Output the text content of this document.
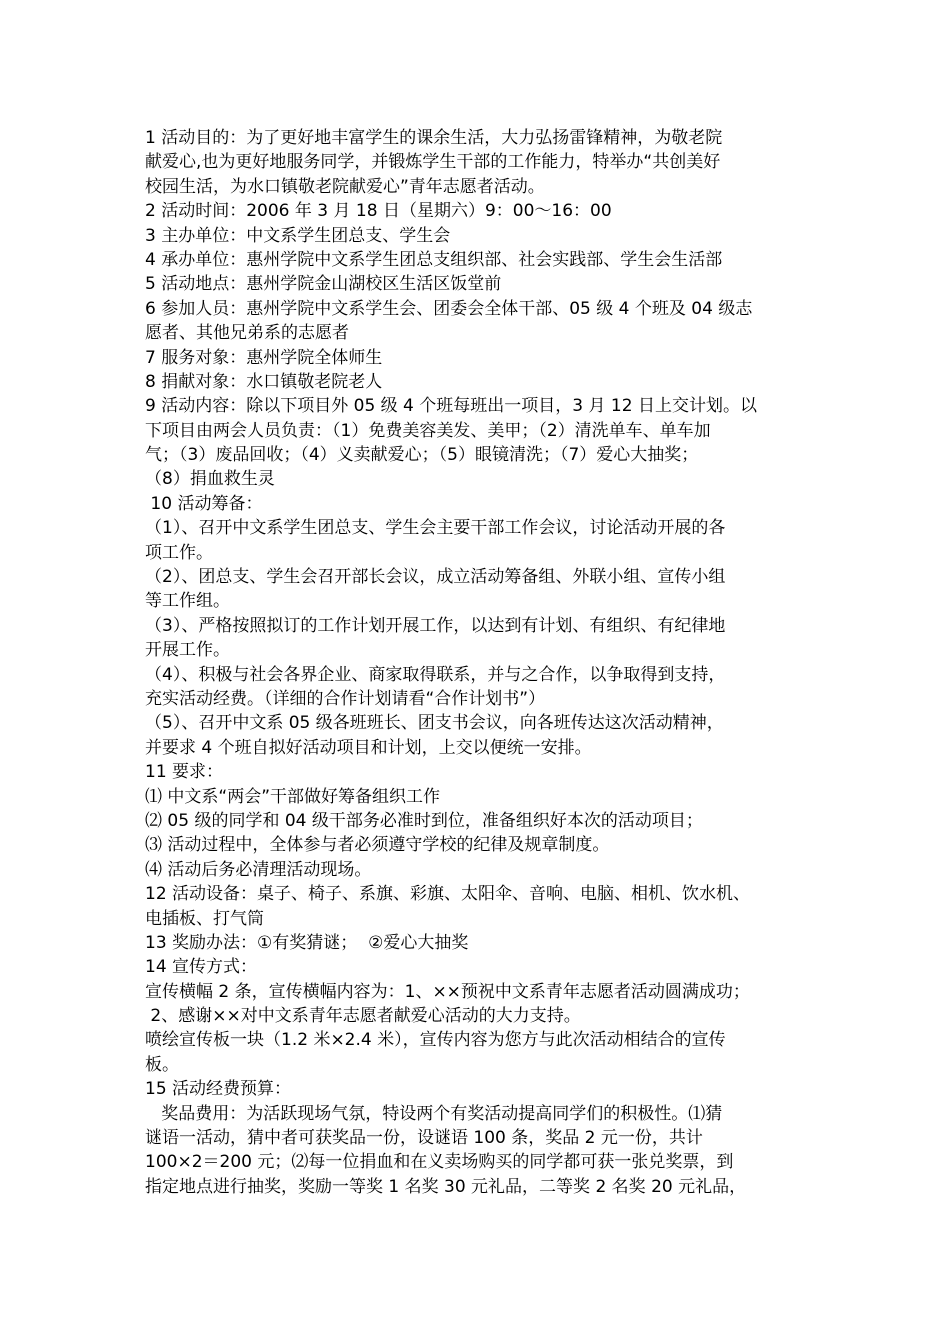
1 活动目的：为了更好地丰富学生的课余生活，大力弘扬雷锋精神，为敬老院
献爱心,也为更好地服务同学，并锻炼学生干部的工作能力，特举办“共创美好
校园生活，为水口镇敬老院献爱心”青年志愿者活动。
2 活动时间：2006 年 3 月 18 日（星期六）9：00～16：00
3 主办单位：中文系学生团总支、学生会
4 承办单位：惠州学院中文系学生团总支组织部、社会实践部、学生会生活部
5 活动地点：惠州学院金山湖校区生活区饭堂前
6 参加人员：惠州学院中文系学生会、团委会全体干部、05 级 4 个班及 04 级志
愿者、其他兄弟系的志愿者
7 服务对象：惠州学院全体师生
8 捐献对象：水口镇敬老院老人
9 活动内容：除以下项目外 05 级 4 个班每班出一项目，3 月 12 日上交计划。以
下项目由两会人员负责：（1）免费美容美发、美甲；（2）清洗单车、单车加
气；（3）废品回收；（4）义卖献爱心；（5）眼镜清洗；（7）爱心大抽奖；
（8）捐血救生灵
10 活动筹备：
（1）、召开中文系学生团总支、学生会主要干部工作会议，讨论活动开展的各
项工作。
（2）、团总支、学生会召开部长会议，成立活动筹备组、外联小组、宣传小组
等工作组。
（3）、严格按照拟订的工作计划开展工作，以达到有计划、有组织、有纪律地
开展工作。
（4）、积极与社会各界企业、商家取得联系，并与之合作，以争取得到支持，
充实活动经费。（详细的合作计划请看“合作计划书”）
（5）、召开中文系 05 级各班班长、团支书会议，向各班传达这次活动精神，
并要求 4 个班自拟好活动项目和计划，上交以便统一安排。
11 要求：
⑴ 中文系“两会”干部做好筹备组织工作
⑵ 05 级的同学和 04 级干部务必准时到位，准备组织好本次的活动项目；
⑶ 活动过程中，全体参与者必须遵守学校的纪律及规章制度。
⑷ 活动后务必清理活动现场。
12 活动设备：桌子、椅子、系旗、彩旗、太阳伞、音响、电脑、相机、饮水机、
电插板、打气筒
13 奖励办法：①有奖猜谜；  ②爱心大抽奖
14 宣传方式：
宣传横幅 2 条，宣传横幅内容为：1、××预祝中文系青年志愿者活动圆满成功；
2、感谢××对中文系青年志愿者献爱心活动的大力支持。
喷绘宣传板一块（1.2 米×2.4 米），宣传内容为您方与此次活动相结合的宣传
板。
15 活动经费预算：
奖品费用：为活跃现场气氛，特设两个有奖活动提高同学们的积极性。⑴猜
谜语一活动，猜中者可获奖品一份，设谜语 100 条，奖品 2 元一份，共计
100×2＝200 元；⑵每一位捐血和在义卖场购买的同学都可获一张兑奖票，到
指定地点进行抽奖，奖励一等奖 1 名奖 30 元礼品，二等奖 2 名奖 20 元礼品，
